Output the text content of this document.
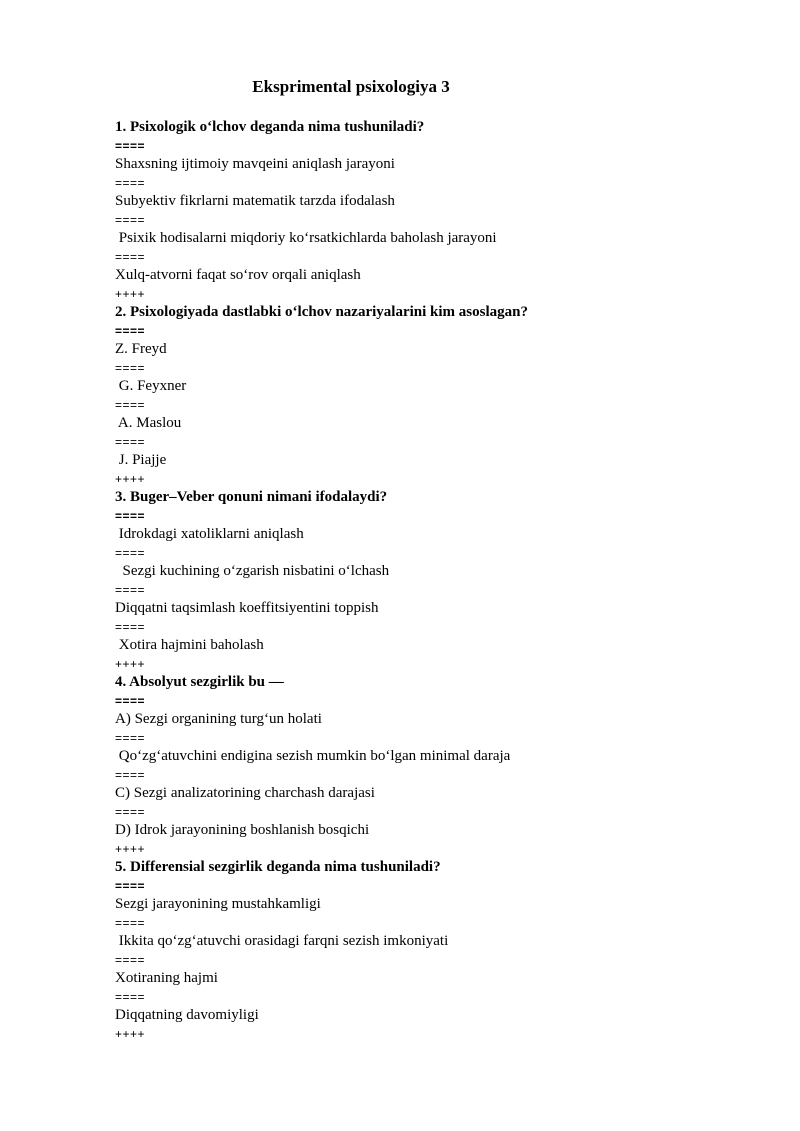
Eksprimental psixologiya 3
1. Psixologik o‘lchov deganda nima tushuniladi?
====
Shaxsning ijtimoiy mavqeini aniqlash jarayoni
====
Subyektiv fikrlarni matematik tarzda ifodalash
====
Psixik hodisalarni miqdoriy ko‘rsatkichlarda baholash jarayoni
====
Xulq-atvorni faqat so‘rov orqali aniqlash
++++
2. Psixologiyada dastlabki o‘lchov nazariyalarini kim asoslagan?
====
Z. Freyd
====
G. Feyxner
====
A. Maslou
====
J. Piajje
++++
3. Buger–Veber qonuni nimani ifodalaydi?
====
Idrokdagi xatoliklarni aniqlash
====
Sezgi kuchining o‘zgarish nisbatini o‘lchash
====
Diqqatni taqsimlash koeffitsiyentini toppish
====
Xotira hajmini baholash
++++
4. Absolyut sezgirlik bu —
====
A) Sezgi organining turg‘un holati
====
Qo‘zg‘atuvchini endigina sezish mumkin bo‘lgan minimal daraja
====
C) Sezgi analizatorining charchash darajasi
====
D) Idrok jarayonining boshlanish bosqichi
++++
5. Differensial sezgirlik deganda nima tushuniladi?
====
Sezgi jarayonining mustahkamligi
====
Ikkita qo‘zg‘atuvchi orasidagi farqni sezish imkoniyati
====
Xotiraning hajmi
====
Diqqatning davomiyligi
++++
